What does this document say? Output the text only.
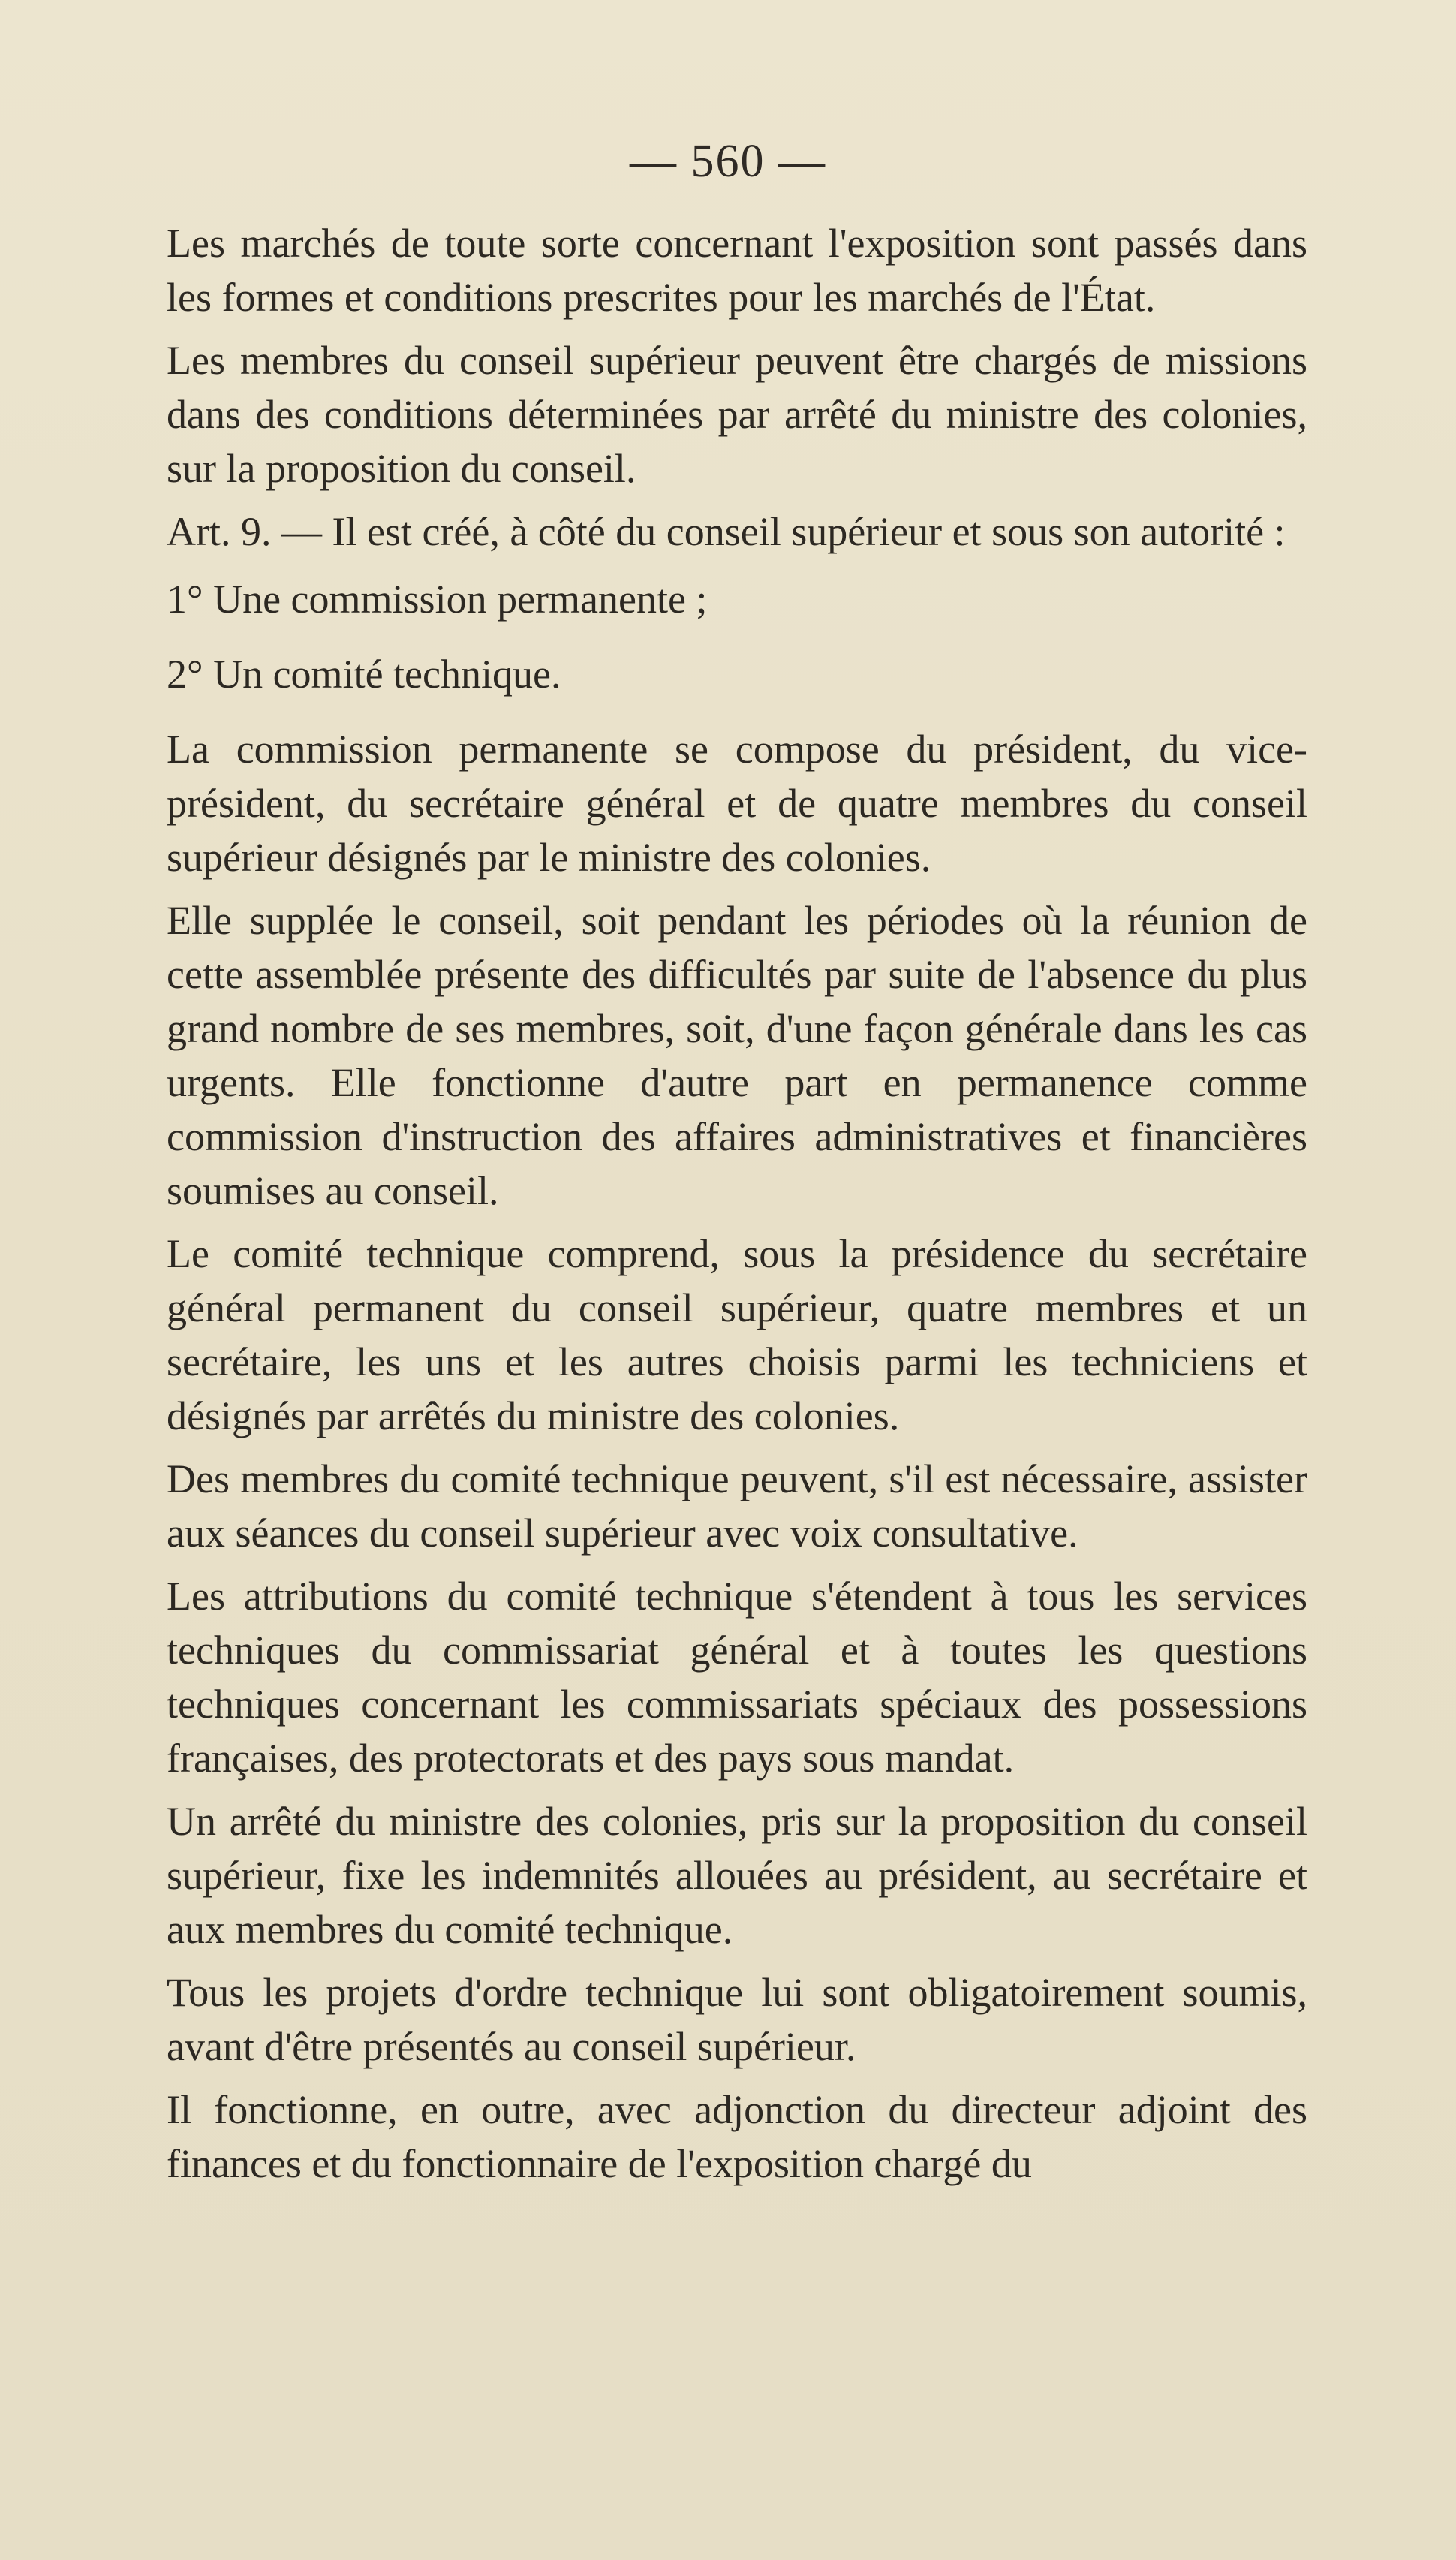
— 560 —

Les marchés de toute sorte concernant l'exposition sont passés dans les formes et conditions prescrites pour les marchés de l'État.

Les membres du conseil supérieur peuvent être chargés de missions dans des conditions déterminées par arrêté du ministre des colonies, sur la proposition du conseil.

Art. 9. — Il est créé, à côté du conseil supérieur et sous son autorité :

1° Une commission permanente ;

2° Un comité technique.

La commission permanente se compose du président, du vice-président, du secrétaire général et de quatre membres du conseil supérieur désignés par le ministre des colonies.

Elle supplée le conseil, soit pendant les périodes où la réunion de cette assemblée présente des difficultés par suite de l'absence du plus grand nombre de ses membres, soit, d'une façon générale dans les cas urgents. Elle fonctionne d'autre part en permanence comme commission d'instruction des affaires administratives et financières soumises au conseil.

Le comité technique comprend, sous la présidence du secrétaire général permanent du conseil supérieur, quatre membres et un secrétaire, les uns et les autres choisis parmi les techniciens et désignés par arrêtés du ministre des colonies.

Des membres du comité technique peuvent, s'il est nécessaire, assister aux séances du conseil supérieur avec voix consultative.

Les attributions du comité technique s'étendent à tous les services techniques du commissariat général et à toutes les questions techniques concernant les commissariats spéciaux des possessions françaises, des protectorats et des pays sous mandat.

Un arrêté du ministre des colonies, pris sur la proposition du conseil supérieur, fixe les indemnités allouées au président, au secrétaire et aux membres du comité technique.

Tous les projets d'ordre technique lui sont obligatoirement soumis, avant d'être présentés au conseil supérieur.

Il fonctionne, en outre, avec adjonction du directeur adjoint des finances et du fonctionnaire de l'exposition chargé du
